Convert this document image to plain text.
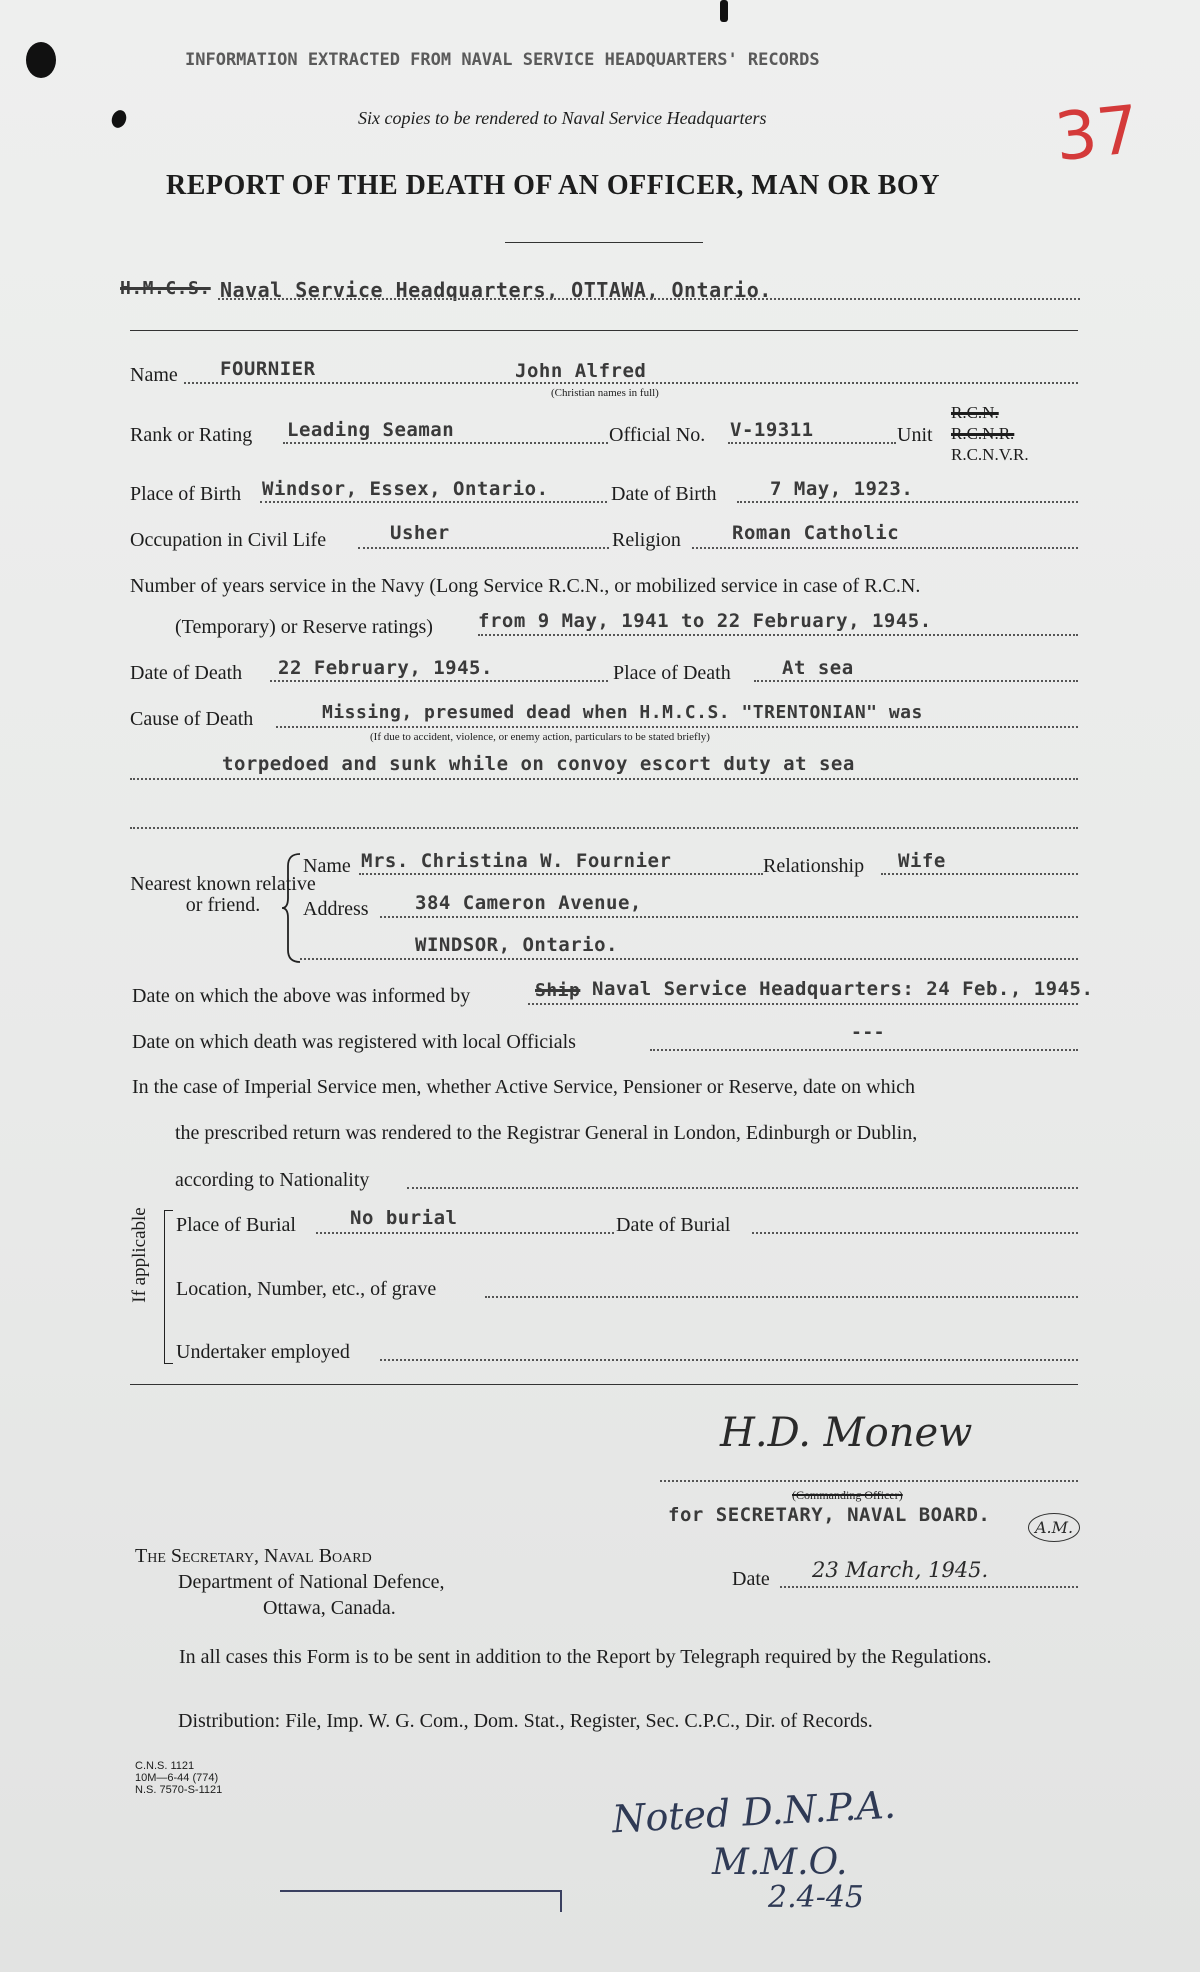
INFORMATION EXTRACTED FROM NAVAL SERVICE HEADQUARTERS' RECORDS
Six copies to be rendered to Naval Service Headquarters	37
REPORT OF THE DEATH OF AN OFFICER, MAN OR BOY
H.M.C.S. Naval Service Headquarters, OTTAWA, Ontario.
Name FOURNIER	John Alfred
(Christian names in full)
Rank or Rating Leading Seaman	Official No. V-19311	Unit
R.C.N.
R.C.N.R.
R.C.N.V.R.
Place of Birth Windsor, Essex, Ontario.	Date of Birth	7 May, 1923.
Occupation in Civil Life	Usher	Religion	Roman Catholic
Number of years service in the Navy (Long Service R.C.N., or mobilized service in case of R.C.N.
(Temporary) or Reserve ratings) from 9 May, 1941 to 22 February, 1945.
Date of Death 22 February, 1945.	Place of Death	At sea
Cause of Death	Missing, presumed dead when H.M.C.S. "TRENTONIAN" was
(If due to accident, violence, or enemy action, particulars to be stated briefly)
torpedoed and sunk while on convoy escort duty at sea
Nearest known relative or friend.
Name Mrs. Christina W. Fournier	Relationship Wife
Address 384 Cameron Avenue,
WINDSOR, Ontario.
Date on which the above was informed by	Ship Naval Service Headquarters: 24 Feb., 1945.
Date on which death was registered with local Officials	---
In the case of Imperial Service men, whether Active Service, Pensioner or Reserve, date on which
the prescribed return was rendered to the Registrar General in London, Edinburgh or Dublin,
according to Nationality
If applicable Place of Burial	No burial	Date of Burial
Location, Number, etc., of grave
Undertaker employed
H.D. Monew
(Commanding Officer)
for SECRETARY, NAVAL BOARD.
A.M.
Date 23 March, 1945.
The Secretary, Naval Board
Department of National Defence,
Ottawa, Canada.
In all cases this Form is to be sent in addition to the Report by Telegraph required by the Regulations.
Distribution: File, Imp. W. G. Com., Dom. Stat., Register, Sec. C.P.C., Dir. of Records.
C.N.S. 1121
10M—6-44 (774)
N.S. 7570-S-1121	Noted D.N.P.A.
M.M.O.
2.4-45
